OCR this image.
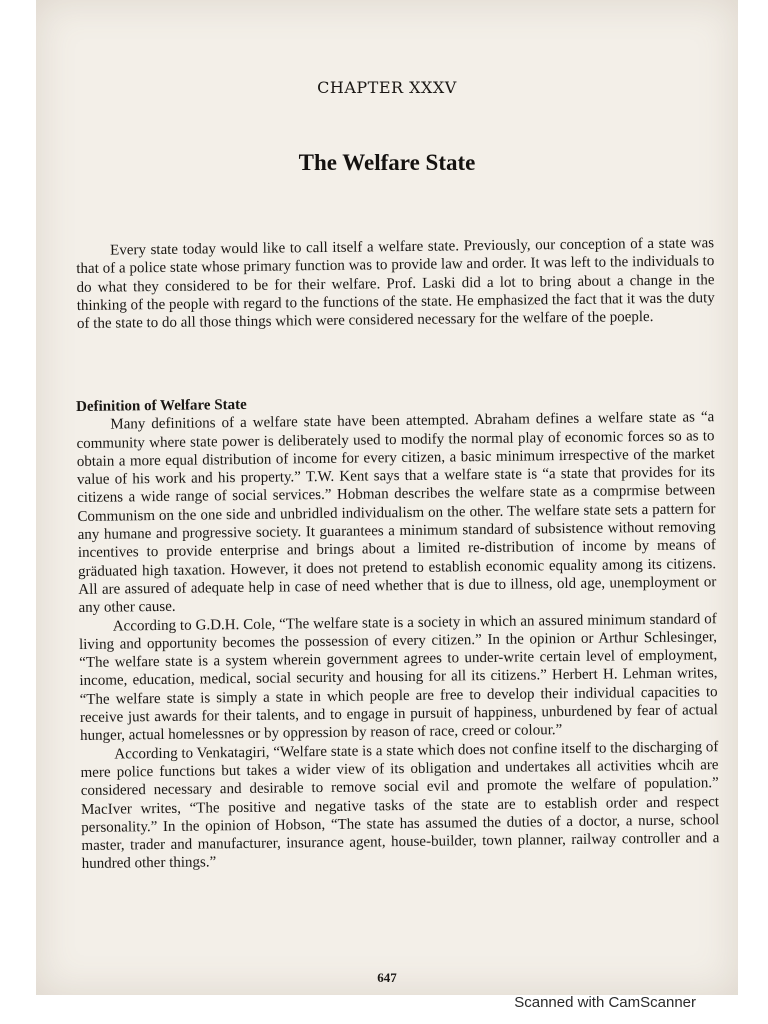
CHAPTER XXXV
The Welfare State

Every state today would like to call itself a welfare state. Previously, our conception of a state was that of a police state whose primary function was to provide law and order. It was left to the individuals to do what they considered to be for their welfare. Prof. Laski did a lot to bring about a change in the thinking of the people with regard to the functions of the state. He emphasized the fact that it was the duty of the state to do all those things which were considered necessary for the welfare of the poeple.

Definition of Welfare State

Many definitions of a welfare state have been attempted. Abraham defines a welfare state as “a community where state power is deliberately used to modify the normal play of economic forces so as to obtain a more equal distribution of income for every citizen, a basic minimum irrespective of the market value of his work and his property.” T.W. Kent says that a welfare state is “a state that provides for its citizens a wide range of social services.” Hobman describes the welfare state as a comprmise between Communism on the one side and unbridled individualism on the other. The welfare state sets a pattern for any humane and progressive society. It guarantees a minimum standard of subsistence without removing incentives to provide enterprise and brings about a limited re-distribution of income by means of gräduated high taxation. However, it does not pretend to establish economic equality among its citizens. All are assured of adequate help in case of need whether that is due to illness, old age, unemployment or any other cause.

According to G.D.H. Cole, “The welfare state is a society in which an assured minimum standard of living and opportunity becomes the possession of every citizen.” In the opinion or Arthur Schlesinger, “The welfare state is a system wherein government agrees to under-write certain level of employment, income, education, medical, social security and housing for all its citizens.” Herbert H. Lehman writes, “The welfare state is simply a state in which people are free to develop their individual capacities to receive just awards for their talents, and to engage in pursuit of happiness, unburdened by fear of actual hunger, actual homelessnes or by oppression by reason of race, creed or colour.”

According to Venkatagiri, “Welfare state is a state which does not confine itself to the discharging of mere police functions but takes a wider view of its obligation and undertakes all activities whcih are considered necessary and desirable to remove social evil and promote the welfare of population.” MacIver writes, “The positive and negative tasks of the state are to establish order and respect personality.” In the opinion of Hobson, “The state has assumed the duties of a doctor, a nurse, school master, trader and manufacturer, insurance agent, house-builder, town planner, railway controller and a hundred other things.”

647
Scanned with CamScanner
